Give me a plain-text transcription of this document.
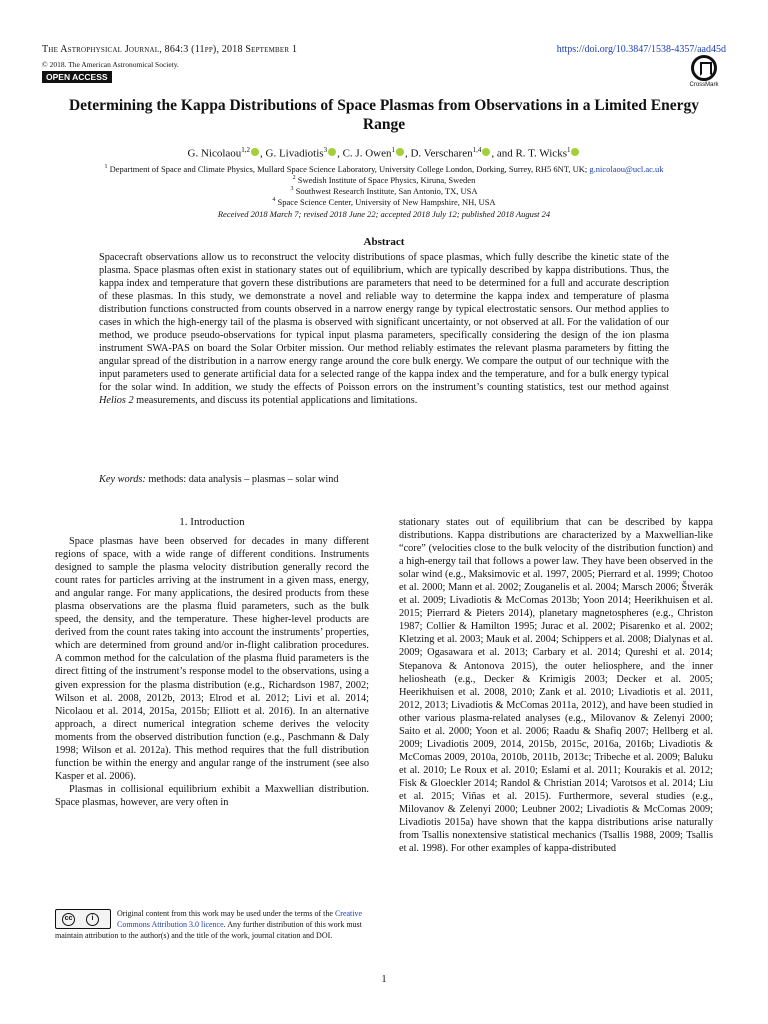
The Astrophysical Journal, 864:3 (11pp), 2018 September 1	https://doi.org/10.3847/1538-4357/aad45d
© 2018. The American Astronomical Society.
OPEN ACCESS
CrossMark
Determining the Kappa Distributions of Space Plasmas from Observations in a Limited Energy Range
G. Nicolaou$^{1,2}$ , G. Livadiotis$^3$ , C. J. Owen$^1$ , D. Verscharen$^{1,4}$ , and R. T. Wicks$^1$
$^1$ Department of Space and Climate Physics, Mullard Space Science Laboratory, University College London, Dorking, Surrey, RH5 6NT, UK; g.nicolaou@ucl.ac.uk
$^2$ Swedish Institute of Space Physics, Kiruna, Sweden
$^3$ Southwest Research Institute, San Antonio, TX, USA
$^4$ Space Science Center, University of New Hampshire, NH, USA
Received 2018 March 7; revised 2018 June 22; accepted 2018 July 12; published 2018 August 24
Abstract
Spacecraft observations allow us to reconstruct the velocity distributions of space plasmas, which fully describe the kinetic state of the plasma. Space plasmas often exist in stationary states out of equilibrium, which are typically described by kappa distributions. Thus, the kappa index and temperature that govern these distributions are parameters that need to be determined for a full and accurate description of these plasmas. In this study, we demonstrate a novel and reliable way to determine the kappa index and temperature of plasma distribution functions constructed from counts observed in a narrow energy range by typical electrostatic sensors. Our method applies to cases in which the high-energy tail of the plasma is observed with significant uncertainty, or not observed at all. For the validation of our method, we produce pseudo-observations for typical input plasma parameters, specifically considering the design of the ion plasma instrument SWA-PAS on board the Solar Orbiter mission. Our method reliably estimates the relevant plasma parameters by fitting the angular spread of the distribution in a narrow energy range around the core bulk energy. We compare the output of our technique with the input parameters used to generate artificial data for a selected range of the kappa index and the temperature, and for a bulk energy typical for the solar wind. In addition, we study the effects of Poisson errors on the instrument’s counting statistics, test our method against Helios 2 measurements, and discuss its potential applications and limitations.
Key words: methods: data analysis – plasmas – solar wind
1. Introduction

Space plasmas have been observed for decades in many different regions of space, with a wide range of different conditions. Instruments designed to sample the plasma velocity distribution generally record the count rates for particles arriving at the instrument in a given mass, energy, and angular range. For many applications, the desired products from these plasma observations are the plasma fluid parameters, such as the bulk speed, the density, and the temperature. These higher-level products are derived from the count rates taking into account the instruments’ properties, which are determined from ground and/or in-flight calibration procedures. A common method for the calculation of the plasma fluid parameters is the direct fitting of the instrument’s response model to the observations, using a given expression for the plasma distribution (e.g., Richardson 1987, 2002; Wilson et al. 2008, 2012b, 2013; Elrod et al. 2012; Livi et al. 2014; Nicolaou et al. 2014, 2015a, 2015b; Elliott et al. 2016). In an alternative approach, a direct numerical integration scheme derives the velocity moments from the observed distribution function (e.g., Paschmann & Daly 1998; Wilson et al. 2012a). This method requires that the full distribution function be within the energy and angular range of the instrument (see also Kasper et al. 2006).

Plasmas in collisional equilibrium exhibit a Maxwellian distribution. Space plasmas, however, are very often in

stationary states out of equilibrium that can be described by kappa distributions. Kappa distributions are characterized by a Maxwellian-like “core” (velocities close to the bulk velocity of the distribution function) and a high-energy tail that follows a power law. They have been observed in the solar wind (e.g., Maksimovic et al. 1997, 2005; Pierrard et al. 1999; Chotoo et al. 2000; Mann et al. 2002; Zouganelis et al. 2004; Marsch 2006; Štverák et al. 2009; Livadiotis & McComas 2013b; Yoon 2014; Heerikhuisen et al. 2015; Pierrard & Pieters 2014), planetary magnetospheres (e.g., Christon 1987; Collier & Hamilton 1995; Jurac et al. 2002; Pisarenko et al. 2002; Kletzing et al. 2003; Mauk et al. 2004; Schippers et al. 2008; Dialynas et al. 2009; Ogasawara et al. 2013; Carbary et al. 2014; Qureshi et al. 2014; Stepanova & Antonova 2015), the outer heliosphere, and the inner heliosheath (e.g., Decker & Krimigis 2003; Decker et al. 2005; Heerikhuisen et al. 2008, 2010; Zank et al. 2010; Livadiotis et al. 2011, 2012, 2013; Livadiotis & McComas 2011a, 2012), and have been studied in other various plasma-related analyses (e.g., Milovanov & Zelenyi 2000; Saito et al. 2000; Yoon et al. 2006; Raadu & Shafiq 2007; Hellberg et al. 2009; Livadiotis 2009, 2014, 2015b, 2015c, 2016a, 2016b; Livadiotis & McComas 2009, 2010a, 2010b, 2011b, 2013c; Tribeche et al. 2009; Baluku et al. 2010; Le Roux et al. 2010; Eslami et al. 2011; Kourakis et al. 2012; Fisk & Gloeckler 2014; Randol & Christian 2014; Varotsos et al. 2014; Liu et al. 2015; Viñas et al. 2015). Furthermore, several studies (e.g., Milovanov & Zelenyi 2000; Leubner 2002; Livadiotis & McComas 2009; Livadiotis 2015a) have shown that the kappa distributions arise naturally from Tsallis nonextensive statistical mechanics (Tsallis 1988, 2009; Tsallis et al. 1998). For other examples of kappa-distributed

cc	i
Original content from this work may be used under the terms of the Creative Commons Attribution 3.0 licence. Any further distribution of this work must maintain attribution to the author(s) and the title of the work, journal citation and DOI.
1
